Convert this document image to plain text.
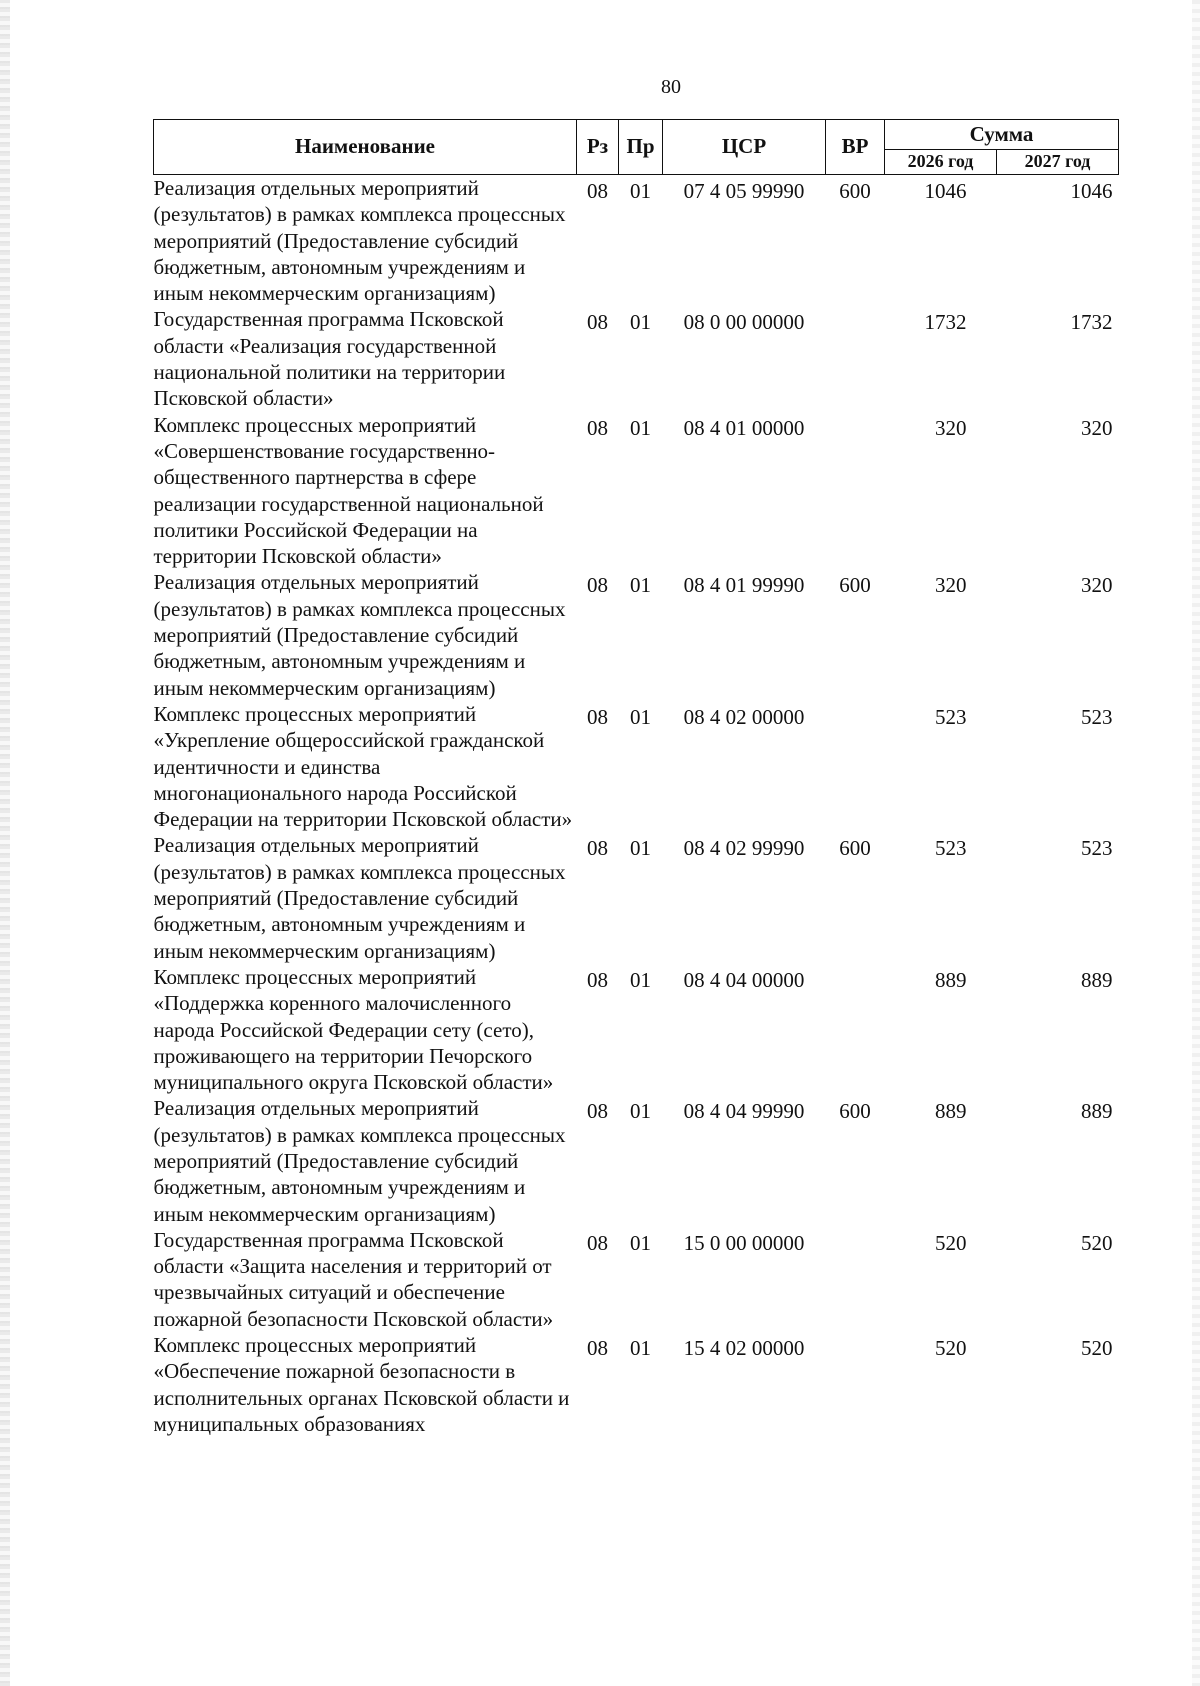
80
Наименование	Рз	Пр	ЦСР	ВР	Сумма	
					2026 год	2027 год
Реализация отдельных мероприятий (результатов) в рамках комплекса процессных мероприятий (Предоставление субсидий бюджетным, автономным учреждениям и иным некоммерческим организациям)	08	01	07 4 05 99990	600	1046	1046
Государственная программа Псковской области «Реализация государственной национальной политики на территории Псковской области»	08	01	08 0 00 00000		1732	1732
Комплекс процессных мероприятий «Совершенствование государственно-общественного партнерства в сфере реализации государственной национальной политики Российской Федерации на территории Псковской области»	08	01	08 4 01 00000		320	320
Реализация отдельных мероприятий (результатов) в рамках комплекса процессных мероприятий (Предоставление субсидий бюджетным, автономным учреждениям и иным некоммерческим организациям)	08	01	08 4 01 99990	600	320	320
Комплекс процессных мероприятий «Укрепление общероссийской гражданской идентичности и единства многонационального народа Российской Федерации на территории Псковской области»	08	01	08 4 02 00000		523	523
Реализация отдельных мероприятий (результатов) в рамках комплекса процессных мероприятий (Предоставление субсидий бюджетным, автономным учреждениям и иным некоммерческим организациям)	08	01	08 4 02 99990	600	523	523
Комплекс процессных мероприятий «Поддержка коренного малочисленного народа Российской Федерации сету (сето), проживающего на территории Печорского муниципального округа Псковской области»	08	01	08 4 04 00000		889	889
Реализация отдельных мероприятий (результатов) в рамках комплекса процессных мероприятий (Предоставление субсидий бюджетным, автономным учреждениям и иным некоммерческим организациям)	08	01	08 4 04 99990	600	889	889
Государственная программа Псковской области «Защита населения и территорий от чрезвычайных ситуаций и обеспечение пожарной безопасности Псковской области»	08	01	15 0 00 00000		520	520
Комплекс процессных мероприятий «Обеспечение пожарной безопасности в исполнительных органах Псковской области и муниципальных образованиях	08	01	15 4 02 00000		520	520
